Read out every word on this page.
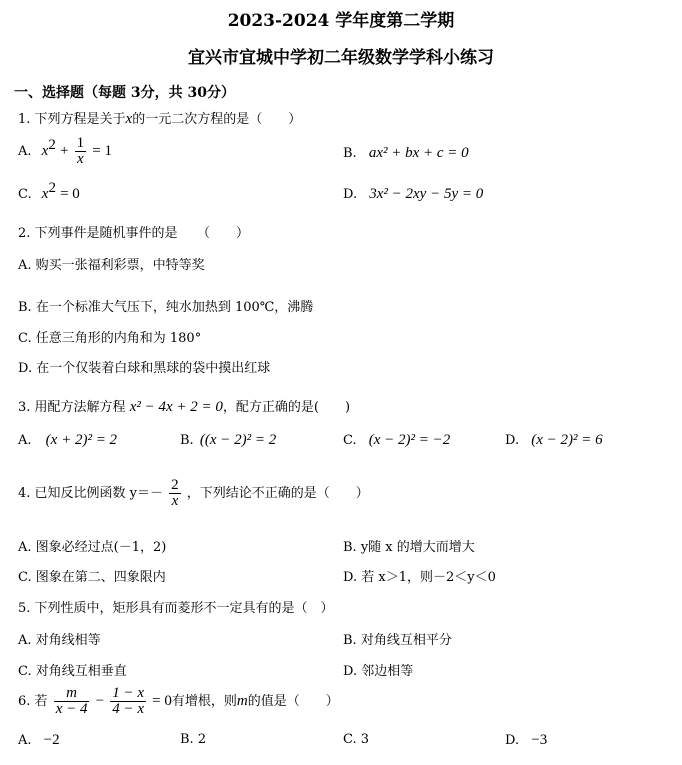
2023-2024 学年度第二学期
宜兴市宜城中学初二年级数学学科小练习
一、选择题（每题 3分，共 30分）
1. 下列方程是关于x的一元二次方程的是（　　）
A. $x^2 + \frac{1}{x} = 1$	B. ax² + bx + c = 0
C. $x^2 = 0$	D. 3x² − 2xy − 5y = 0
2. 下列事件是随机事件的是　　（　　）
A. 购买一张福利彩票，中特等奖
B. 在一个标准大气压下，纯水加热到 100℃，沸腾
C. 任意三角形的内角和为 180°
D. 在一个仅装着白球和黑球的袋中摸出红球
3. 用配方法解方程 x² − 4x + 2 = 0，配方正确的是(　　)
A. (x + 2)² = 2	B. ((x − 2)² = 2	C. (x − 2)² = −2	D. (x − 2)² = 6
4. 已知反比例函数 $y=- \frac{2}{x}$ ，下列结论不正确的是（　　）
A. 图象必经过点(－1，2)	B. y随 x 的增大而增大
C. 图象在第二、四象限内	D. 若 x＞1，则－2＜y＜0
5. 下列性质中，矩形具有而菱形不一定具有的是（　）
A. 对角线相等	B. 对角线互相平分
C. 对角线互相垂直	D. 邻边相等
6. 若 $\frac{m}{x - 4} - \frac{1 - x}{4 - x} = 0$有增根，则m的值是（　　）
A. −2	B. 2	C. 3	D. −3
